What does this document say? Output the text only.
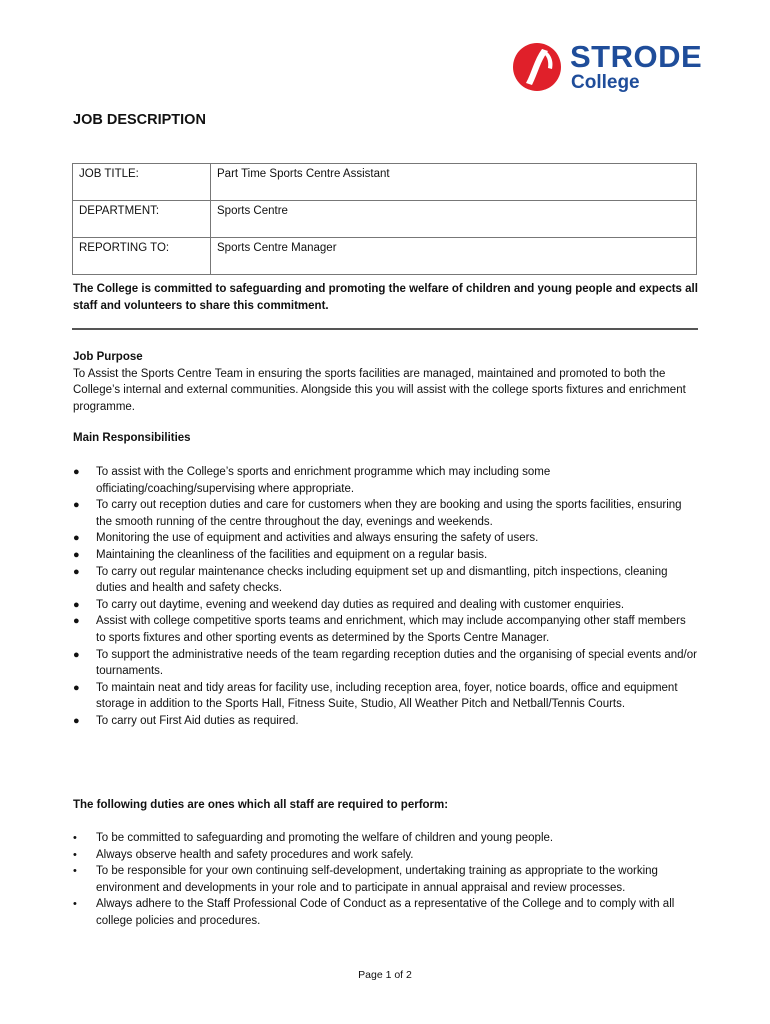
STRODE
College
JOB DESCRIPTION
JOB TITLE:	Part Time Sports Centre Assistant
DEPARTMENT:	Sports Centre
REPORTING TO:	Sports Centre Manager
The College is committed to safeguarding and promoting the welfare of children and young people and expects all staff and volunteers to share this commitment.
Job Purpose
To Assist the Sports Centre Team in ensuring the sports facilities are managed, maintained and promoted to both the College’s internal and external communities. Alongside this you will assist with the college sports fixtures and enrichment programme.
Main Responsibilities
● To assist with the College’s sports and enrichment programme which may including some officiating/coaching/supervising where appropriate.
● To carry out reception duties and care for customers when they are booking and using the sports facilities, ensuring the smooth running of the centre throughout the day, evenings and weekends.
● Monitoring the use of equipment and activities and always ensuring the safety of users.
● Maintaining the cleanliness of the facilities and equipment on a regular basis.
● To carry out regular maintenance checks including equipment set up and dismantling, pitch inspections, cleaning duties and health and safety checks.
● To carry out daytime, evening and weekend day duties as required and dealing with customer enquiries.
● Assist with college competitive sports teams and enrichment, which may include accompanying other staff members to sports fixtures and other sporting events as determined by the Sports Centre Manager.
● To support the administrative needs of the team regarding reception duties and the organising of special events and/or tournaments.
● To maintain neat and tidy areas for facility use, including reception area, foyer, notice boards, office and equipment storage in addition to the Sports Hall, Fitness Suite, Studio, All Weather Pitch and Netball/Tennis Courts.
● To carry out First Aid duties as required.
The following duties are ones which all staff are required to perform:
• To be committed to safeguarding and promoting the welfare of children and young people.
• Always observe health and safety procedures and work safely.
• To be responsible for your own continuing self-development, undertaking training as appropriate to the working environment and developments in your role and to participate in annual appraisal and review processes.
• Always adhere to the Staff Professional Code of Conduct as a representative of the College and to comply with all college policies and procedures.
Page 1 of 2
